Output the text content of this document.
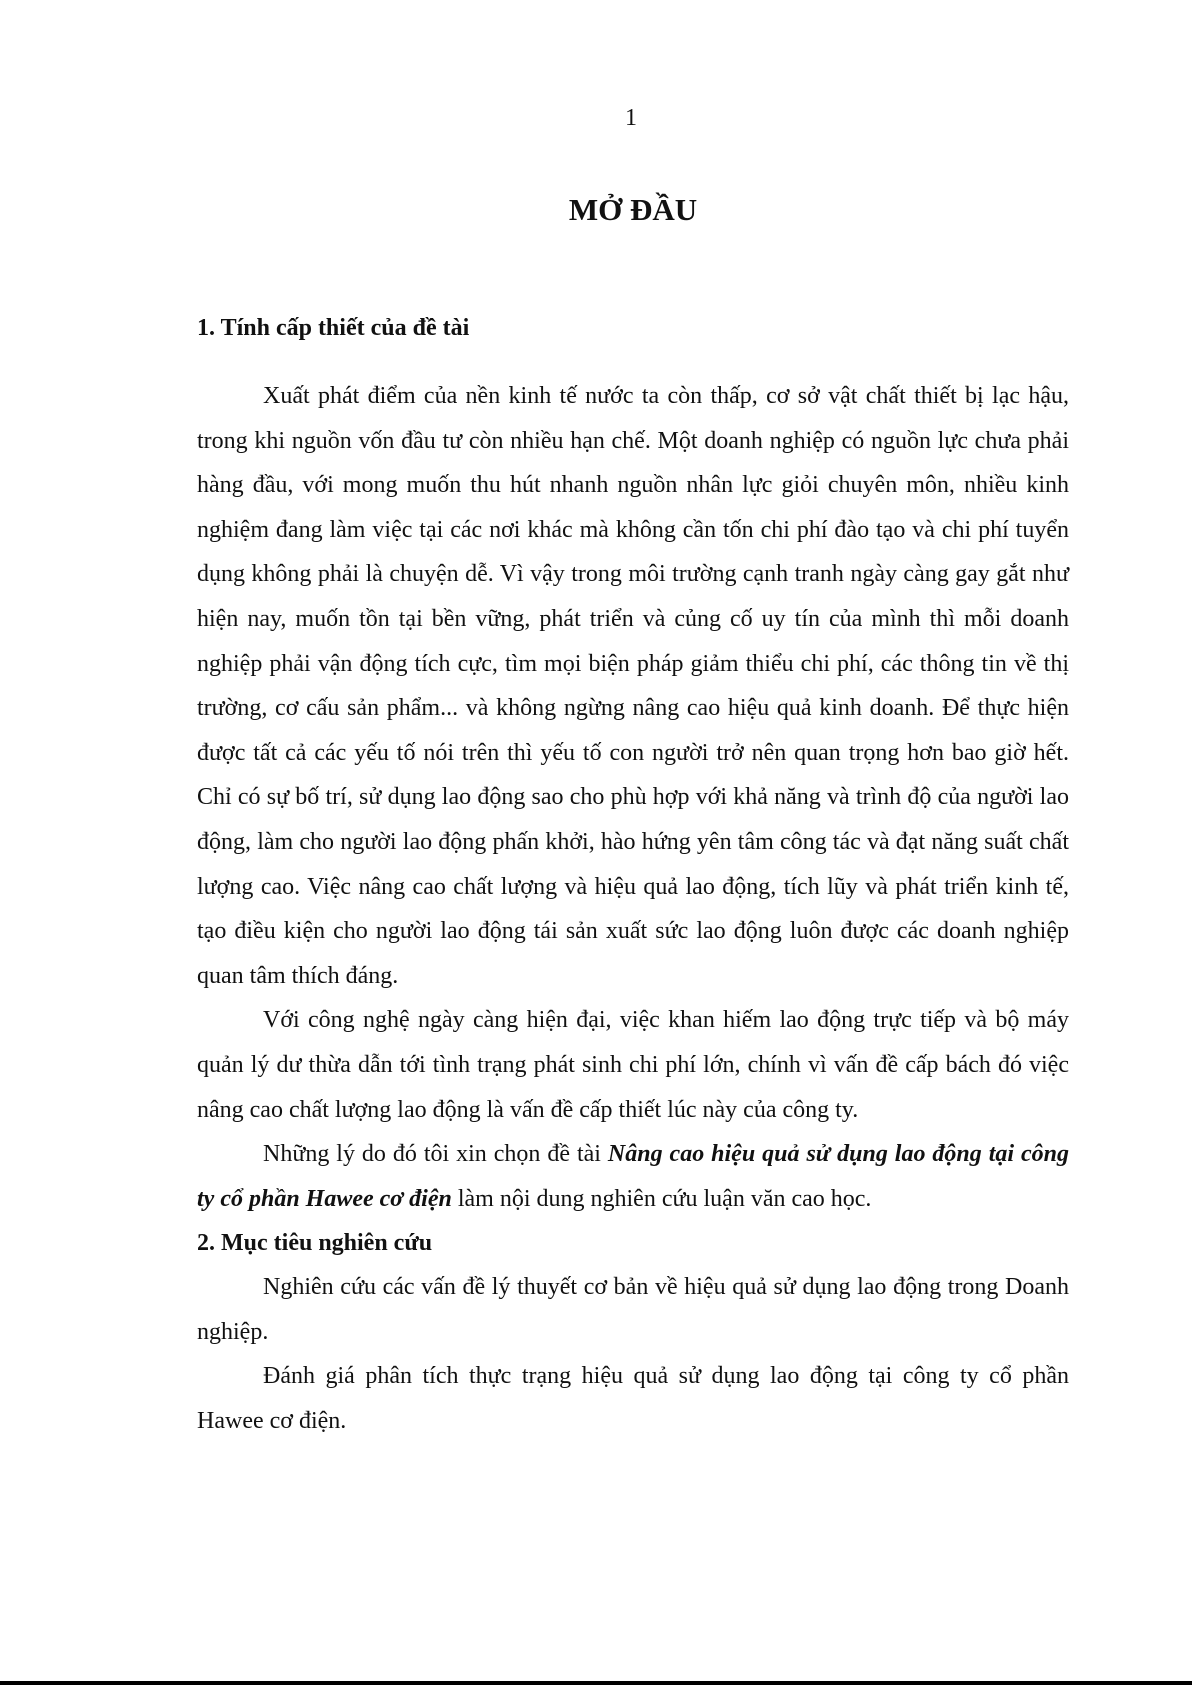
1
MỞ ĐẦU
1. Tính cấp thiết của đề tài

Xuất phát điểm của nền kinh tế nước ta còn thấp, cơ sở vật chất thiết bị lạc hậu, trong khi nguồn vốn đầu tư còn nhiều hạn chế. Một doanh nghiệp có nguồn lực chưa phải hàng đầu, với mong muốn thu hút nhanh nguồn nhân lực giỏi chuyên môn, nhiều kinh nghiệm đang làm việc tại các nơi khác mà không cần tốn chi phí đào tạo và chi phí tuyển dụng không phải là chuyện dễ. Vì vậy trong môi trường cạnh tranh ngày càng gay gắt như hiện nay, muốn tồn tại bền vững, phát triển và củng cố uy tín của mình thì mỗi doanh nghiệp phải vận động tích cực, tìm mọi biện pháp giảm thiểu chi phí, các thông tin về thị trường, cơ cấu sản phẩm... và không ngừng nâng cao hiệu quả kinh doanh. Để thực hiện được tất cả các yếu tố nói trên thì yếu tố con người trở nên quan trọng hơn bao giờ hết. Chỉ có sự bố trí, sử dụng lao động sao cho phù hợp với khả năng và trình độ của người lao động, làm cho người lao động phấn khởi, hào hứng yên tâm công tác và đạt năng suất chất lượng cao. Việc nâng cao chất lượng và hiệu quả lao động, tích lũy và phát triển kinh tế, tạo điều kiện cho người lao động tái sản xuất sức lao động luôn được các doanh nghiệp quan tâm thích đáng.

Với công nghệ ngày càng hiện đại, việc khan hiếm lao động trực tiếp và bộ máy quản lý dư thừa dẫn tới tình trạng phát sinh chi phí lớn, chính vì vấn đề cấp bách đó việc nâng cao chất lượng lao động là vấn đề cấp thiết lúc này của công ty.

Những lý do đó tôi xin chọn đề tài Nâng cao hiệu quả sử dụng lao động tại công ty cổ phần Hawee cơ điện làm nội dung nghiên cứu luận văn cao học.

2. Mục tiêu nghiên cứu

Nghiên cứu các vấn đề lý thuyết cơ bản về hiệu quả sử dụng lao động trong Doanh nghiệp.

Đánh giá phân tích thực trạng hiệu quả sử dụng lao động tại công ty cổ phần Hawee cơ điện.
